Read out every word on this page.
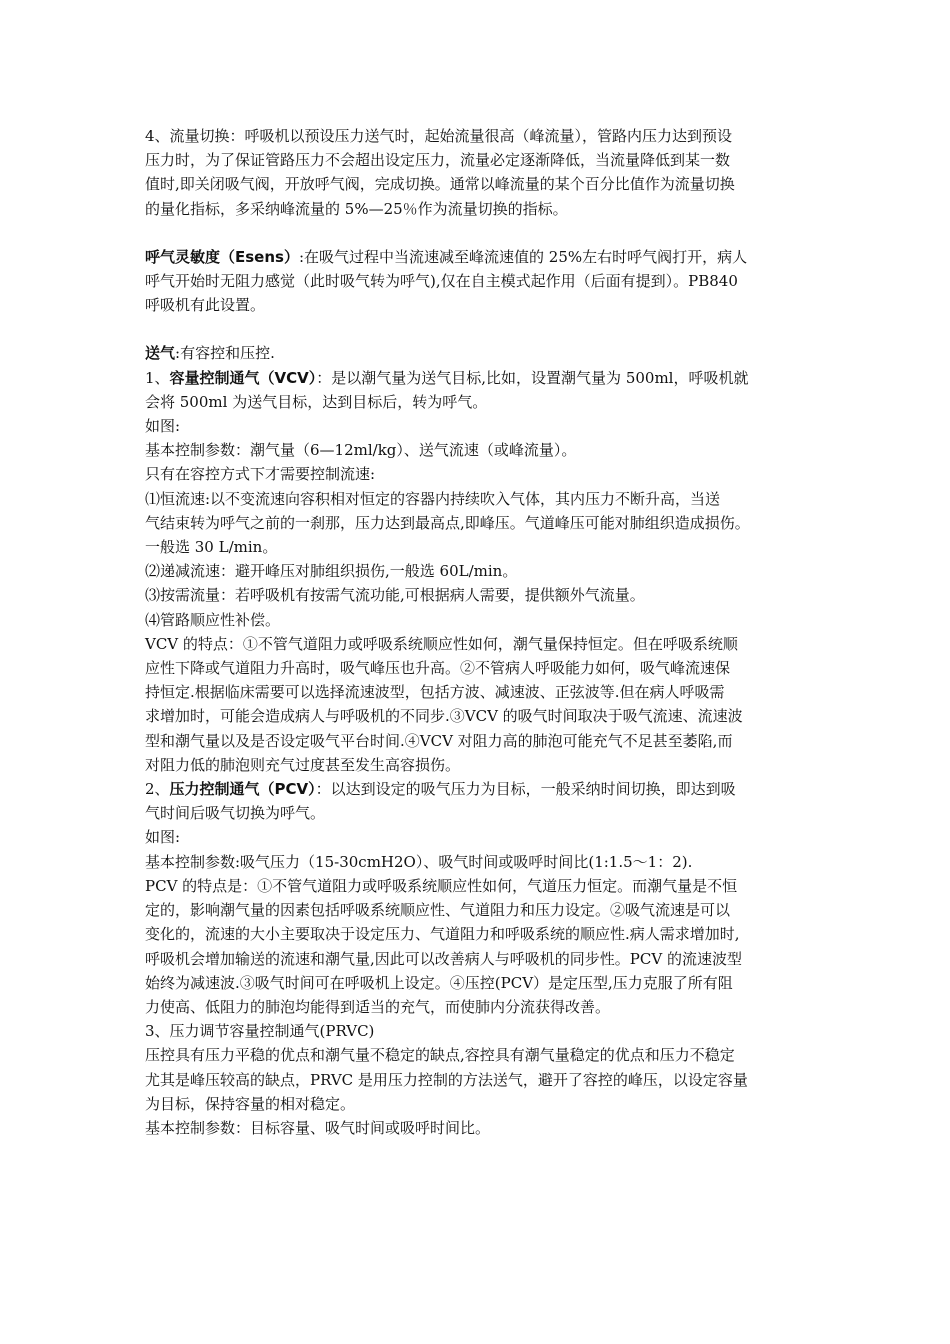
4、流量切换：呼吸机以预设压力送气时，起始流量很高（峰流量），管路内压力达到预设
压力时，为了保证管路压力不会超出设定压力，流量必定逐渐降低，当流量降低到某一数
值时,即关闭吸气阀，开放呼气阀，完成切换。通常以峰流量的某个百分比值作为流量切换
的量化指标，多采纳峰流量的 5%—25％作为流量切换的指标。
呼气灵敏度（Esens）:在吸气过程中当流速减至峰流速值的 25%左右时呼气阀打开，病人
呼气开始时无阻力感觉（此时吸气转为呼气),仅在自主模式起作用（后面有提到）。PB840
呼吸机有此设置。
送气:有容控和压控.
1、容量控制通气（VCV）：是以潮气量为送气目标,比如，设置潮气量为 500ml，呼吸机就
会将 500ml 为送气目标，达到目标后，转为呼气。
如图:
基本控制参数：潮气量（6—12ml/kg）、送气流速（或峰流量）。
只有在容控方式下才需要控制流速:
⑴恒流速:以不变流速向容积相对恒定的容器内持续吹入气体，其内压力不断升高，当送
气结束转为呼气之前的一刹那，压力达到最高点,即峰压。气道峰压可能对肺组织造成损伤。
一般选 30 L/min。
⑵递减流速：避开峰压对肺组织损伤,一般选 60L/min。
⑶按需流量：若呼吸机有按需气流功能,可根据病人需要，提供额外气流量。
⑷管路顺应性补偿。
VCV 的特点：①不管气道阻力或呼吸系统顺应性如何，潮气量保持恒定。但在呼吸系统顺
应性下降或气道阻力升高时，吸气峰压也升高。②不管病人呼吸能力如何，吸气峰流速保
持恒定.根据临床需要可以选择流速波型，包括方波、减速波、正弦波等.但在病人呼吸需
求增加时，可能会造成病人与呼吸机的不同步.③VCV 的吸气时间取决于吸气流速、流速波
型和潮气量以及是否设定吸气平台时间.④VCV 对阻力高的肺泡可能充气不足甚至萎陷,而
对阻力低的肺泡则充气过度甚至发生高容损伤。
2、压力控制通气（PCV）：以达到设定的吸气压力为目标，一般采纳时间切换，即达到吸
气时间后吸气切换为呼气。
如图:
基本控制参数:吸气压力（15-30cmH2O）、吸气时间或吸呼时间比(1:1.5～1：2).
PCV 的特点是：①不管气道阻力或呼吸系统顺应性如何，气道压力恒定。而潮气量是不恒
定的，影响潮气量的因素包括呼吸系统顺应性、气道阻力和压力设定。②吸气流速是可以
变化的，流速的大小主要取决于设定压力、气道阻力和呼吸系统的顺应性.病人需求增加时,
呼吸机会增加输送的流速和潮气量,因此可以改善病人与呼吸机的同步性。PCV 的流速波型
始终为减速波.③吸气时间可在呼吸机上设定。④压控(PCV）是定压型,压力克服了所有阻
力使高、低阻力的肺泡均能得到适当的充气，而使肺内分流获得改善。
3、压力调节容量控制通气(PRVC)
压控具有压力平稳的优点和潮气量不稳定的缺点,容控具有潮气量稳定的优点和压力不稳定
尤其是峰压较高的缺点，PRVC 是用压力控制的方法送气，避开了容控的峰压，以设定容量
为目标，保持容量的相对稳定。
基本控制参数：目标容量、吸气时间或吸呼时间比。
